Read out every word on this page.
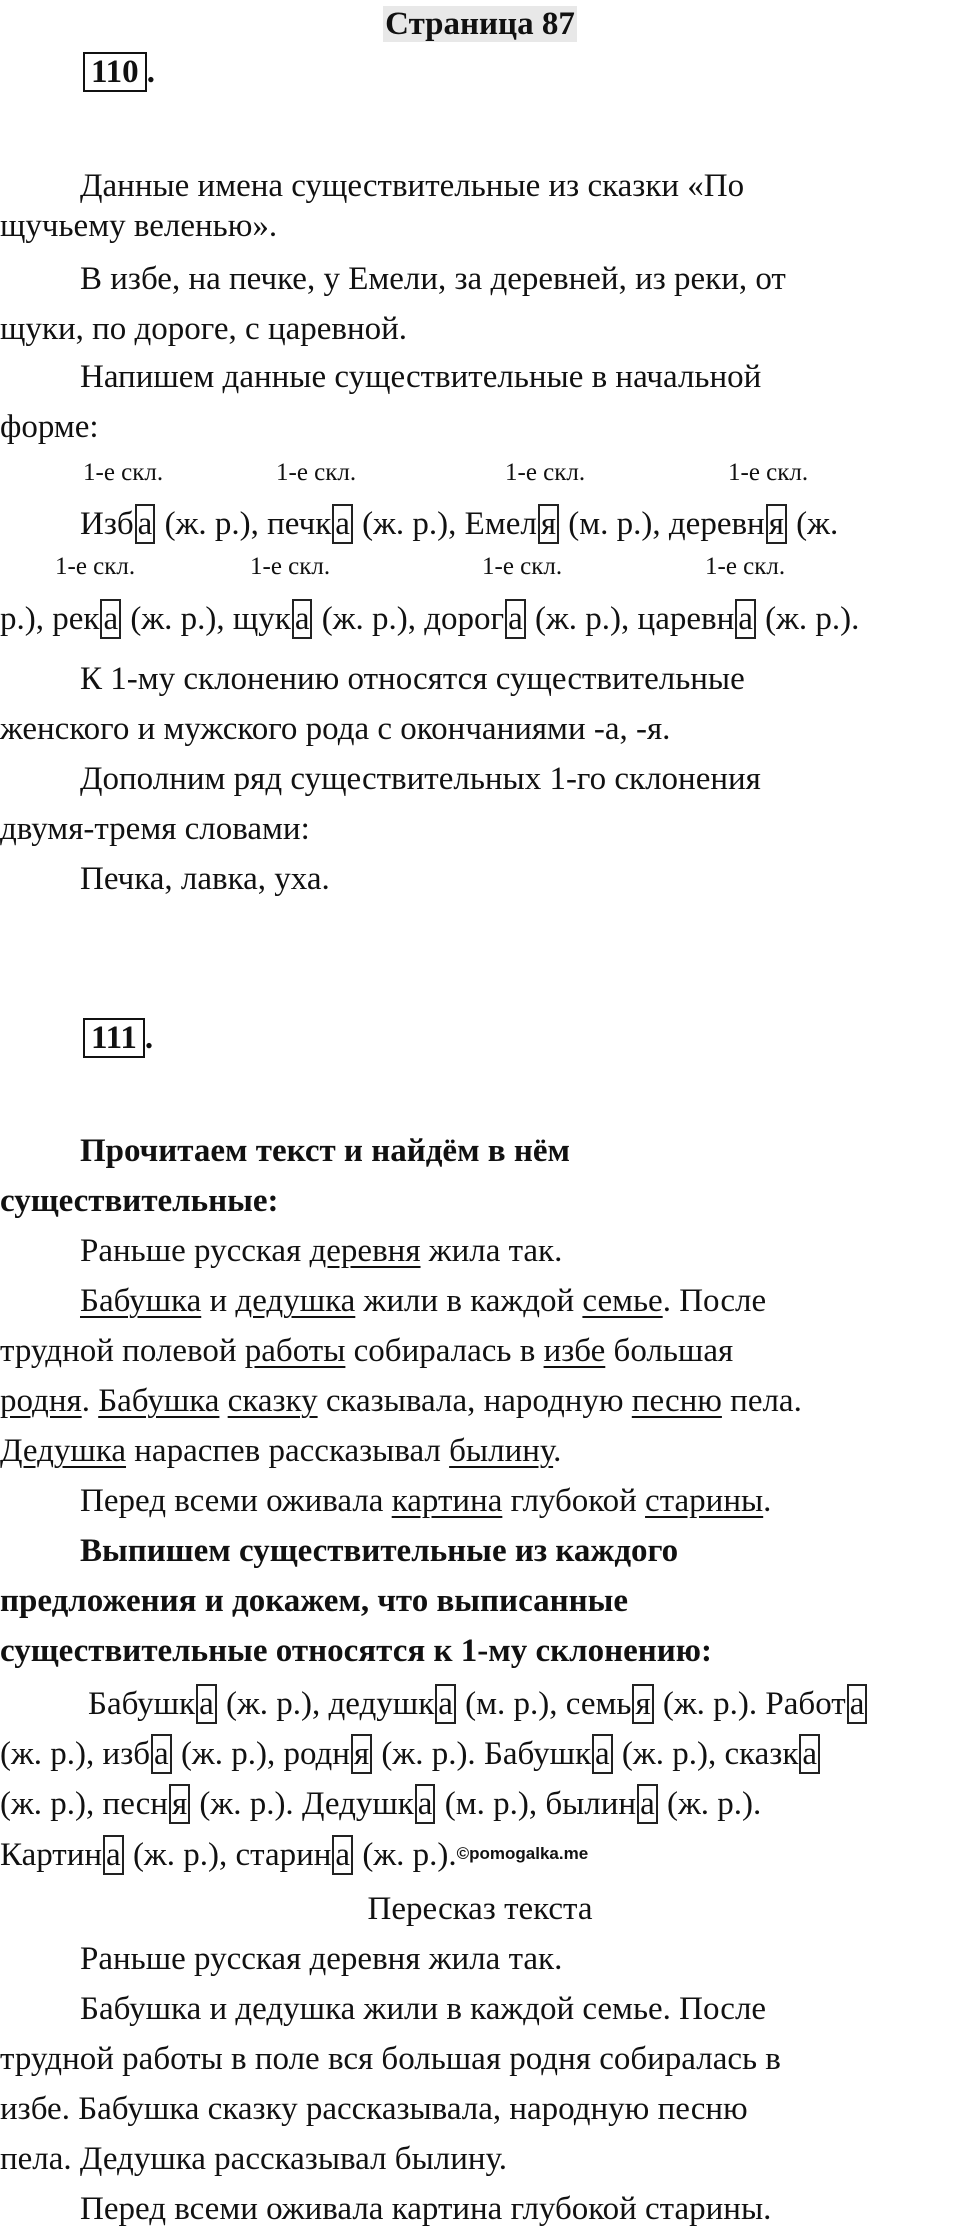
Страница 87
110 .
Данные имена существительные из сказки «По
щучьему веленью».
В избе, на печке, у Емели, за деревней, из реки, от
щуки, по дороге, с царевной.
Напишем данные существительные в начальной
форме:
1-е скл.	1-е скл.	1-е скл.	1-е скл.
Изб а (ж. р.), печк а (ж. р.), Емел я (м. р.), деревн я (ж.
1-е скл.	1-е скл.	1-е скл.	1-е скл.
р.), рек а (ж. р.), щук а (ж. р.), дорог а (ж. р.), царевн а (ж. р.).
К 1-му склонению относятся существительные
женского и мужского рода с окончаниями -а, -я.
Дополним ряд существительных 1-го склонения
двумя-тремя словами:
Печка, лавка, уха.
111 .
Прочитаем текст и найдём в нём
существительные:
Раньше русская деревня жила так.
Бабушка и дедушка жили в каждой семье. После
трудной полевой работы собиралась в избе большая
родня. Бабушка сказку сказывала, народную песню пела.
Дедушка нараспев рассказывал былину.
Перед всеми оживала картина глубокой старины.
Выпишем существительные из каждого
предложения и докажем, что выписанные
существительные относятся к 1-му склонению:
Бабушк а (ж. р.), дедушк а (м. р.), семь я (ж. р.). Работ а
(ж. р.), изб а (ж. р.), родн я (ж. р.). Бабушк а (ж. р.), сказк а
(ж. р.), песн я (ж. р.). Дедушк а (м. р.), былин а (ж. р.).
Картин а (ж. р.), старин а (ж. р.).©pomogalka.me
Пересказ текста
Раньше русская деревня жила так.
Бабушка и дедушка жили в каждой семье. После
трудной работы в поле вся большая родня собиралась в
избе. Бабушка сказку рассказывала, народную песню
пела. Дедушка рассказывал былину.
Перед всеми оживала картина глубокой старины.
